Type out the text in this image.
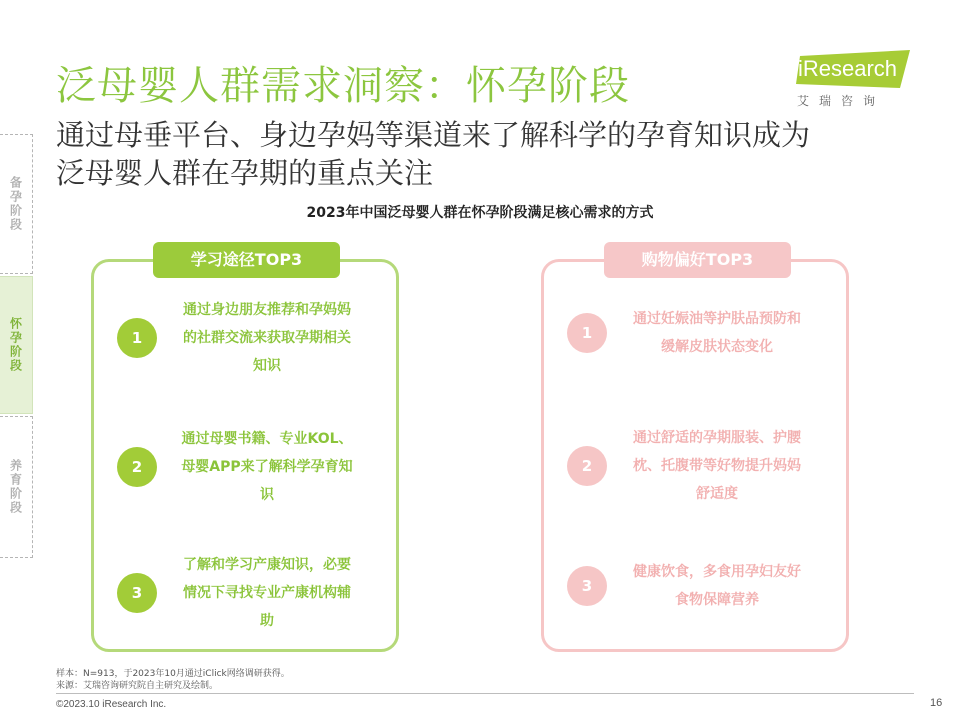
泛母婴人群需求洞察：怀孕阶段
通过母垂平台、身边孕妈等渠道来了解科学的孕育知识成为
泛母婴人群在孕期的重点关注
iResearch
艾瑞咨询
备孕阶段
怀孕阶段
养育阶段
2023年中国泛母婴人群在怀孕阶段满足核心需求的方式
学习途径TOP3
1
通过身边朋友推荐和孕妈妈的社群交流来获取孕期相关知识
2
通过母婴书籍、专业KOL、母婴APP来了解科学孕育知识
3
了解和学习产康知识，必要情况下寻找专业产康机构辅助
购物偏好TOP3
1
通过妊娠油等护肤品预防和缓解皮肤状态变化
2
通过舒适的孕期服装、护腰枕、托腹带等好物提升妈妈舒适度
3
健康饮食，多食用孕妇友好食物保障营养
样本：N=913，于2023年10月通过iClick网络调研获得。
来源：艾瑞咨询研究院自主研究及绘制。
©2023.10 iResearch Inc.	16
